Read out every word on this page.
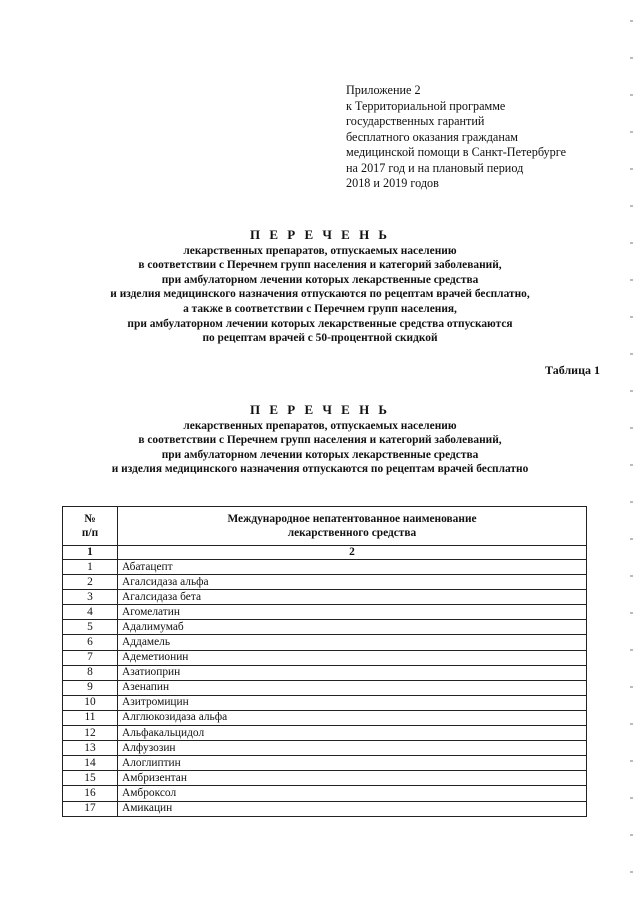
Приложение 2
к Территориальной программе
государственных гарантий
бесплатного оказания гражданам
медицинской помощи в Санкт-Петербурге
на 2017 год и на плановый период
2018 и 2019 годов
П Е Р Е Ч Е Н Ь
лекарственных препаратов, отпускаемых населению
в соответствии с Перечнем групп населения и категорий заболеваний,
при амбулаторном лечении которых лекарственные средства
и изделия медицинского назначения отпускаются по рецептам врачей бесплатно,
а также в соответствии с Перечнем групп населения,
при амбулаторном лечении которых лекарственные средства отпускаются
по рецептам врачей с 50-процентной скидкой
Таблица 1
П Е Р Е Ч Е Н Ь
лекарственных препаратов, отпускаемых населению
в соответствии с Перечнем групп населения и категорий заболеваний,
при амбулаторном лечении которых лекарственные средства
и изделия медицинского назначения отпускаются по рецептам врачей бесплатно
№
п/п	Международное непатентованное наименование
лекарственного средства
1	2
1	Абатацепт
2	Агалсидаза альфа
3	Агалсидаза бета
4	Агомелатин
5	Адалимумаб
6	Аддамель
7	Адеметионин
8	Азатиоприн
9	Азенапин
10	Азитромицин
11	Алглюкозидаза альфа
12	Альфакальцидол
13	Алфузозин
14	Алоглиптин
15	Амбризентан
16	Амброксол
17	Амикацин
